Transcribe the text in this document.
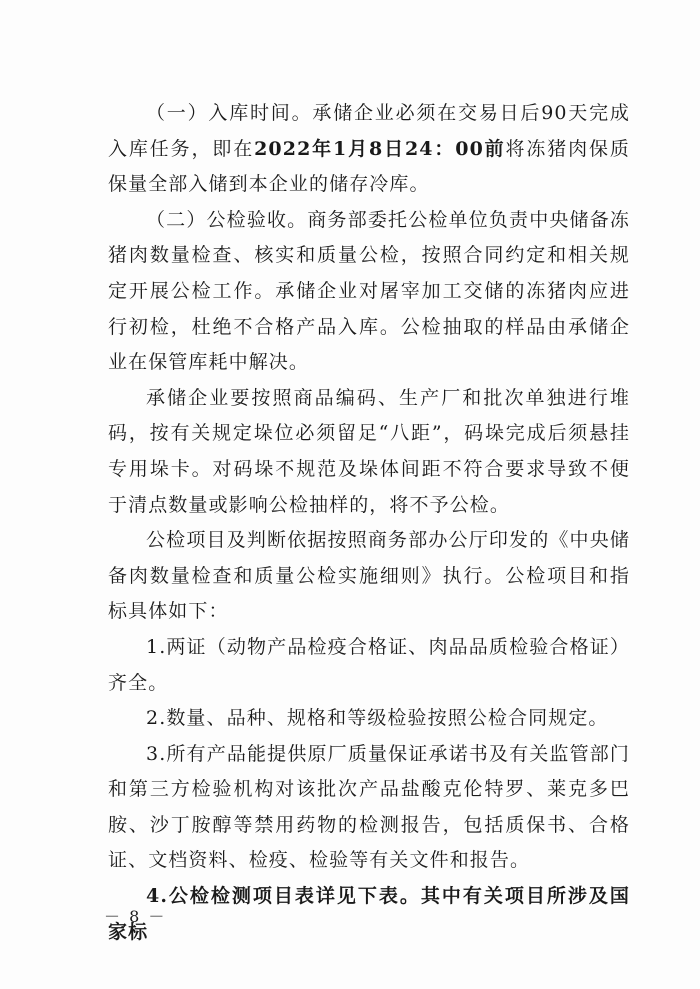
（一）入库时间。承储企业必须在交易日后90天完成入库任务，即在2022年1月8日24：00前将冻猪肉保质保量全部入储到本企业的储存冷库。

（二）公检验收。商务部委托公检单位负责中央储备冻猪肉数量检查、核实和质量公检，按照合同约定和相关规定开展公检工作。承储企业对屠宰加工交储的冻猪肉应进行初检，杜绝不合格产品入库。公检抽取的样品由承储企业在保管库耗中解决。

承储企业要按照商品编码、生产厂和批次单独进行堆码，按有关规定垛位必须留足“八距”，码垛完成后须悬挂专用垛卡。对码垛不规范及垛体间距不符合要求导致不便于清点数量或影响公检抽样的，将不予公检。

公检项目及判断依据按照商务部办公厅印发的《中央储备肉数量检查和质量公检实施细则》执行。公检项目和指标具体如下：

1.两证（动物产品检疫合格证、肉品品质检验合格证）齐全。

2.数量、品种、规格和等级检验按照公检合同规定。

3.所有产品能提供原厂质量保证承诺书及有关监管部门和第三方检验机构对该批次产品盐酸克伦特罗、莱克多巴胺、沙丁胺醇等禁用药物的检测报告，包括质保书、合格证、文档资料、检疫、检验等有关文件和报告。

4.公检检测项目表详见下表。其中有关项目所涉及国家标

－ 8 －
